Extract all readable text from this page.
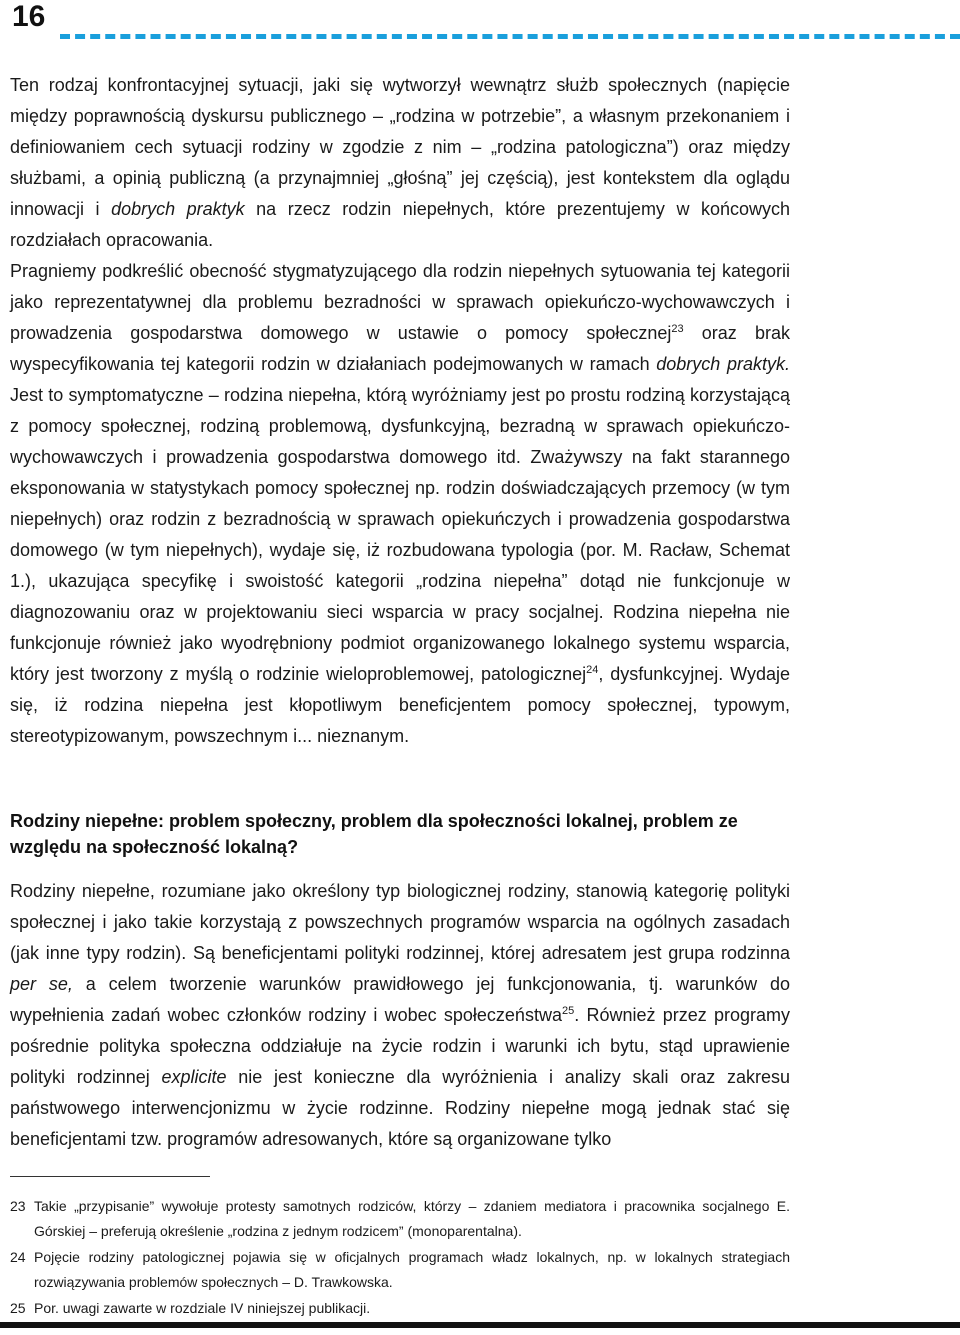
16

Ten rodzaj konfrontacyjnej sytuacji, jaki się wytworzył wewnątrz służb społecznych (napięcie między poprawnością dyskursu publicznego – „rodzina w potrzebie”, a własnym przekonaniem i definiowaniem cech sytuacji rodziny w zgodzie z nim – „rodzina patologiczna”) oraz między służbami, a opinią publiczną (a przynajmniej „głośną” jej częścią), jest kontekstem dla oglądu innowacji i dobrych praktyk na rzecz rodzin niepełnych, które prezentujemy w końcowych rozdziałach opracowania.

Pragniemy podkreślić obecność stygmatyzującego dla rodzin niepełnych sytuowania tej kategorii jako reprezentatywnej dla problemu bezradności w sprawach opiekuńczo-wychowawczych i prowadzenia gospodarstwa domowego w ustawie o pomocy społecznej$^{23}$ oraz brak wyspecyfikowania tej kategorii rodzin w działaniach podejmowanych w ramach dobrych praktyk. Jest to symptomatyczne – rodzina niepełna, którą wyróżniamy jest po prostu rodziną korzystającą z pomocy społecznej, rodziną problemową, dysfunkcyjną, bezradną w sprawach opiekuńczo-wychowawczych i prowadzenia gospodarstwa domowego itd. Zważywszy na fakt starannego eksponowania w statystykach pomocy społecznej np. rodzin doświadczających przemocy (w tym niepełnych) oraz rodzin z bezradnością w sprawach opiekuńczych i prowadzenia gospodarstwa domowego (w tym niepełnych), wydaje się, iż rozbudowana typologia (por. M. Racław, Schemat 1.), ukazująca specyfikę i swoistość kategorii „rodzina niepełna” dotąd nie funkcjonuje w diagnozowaniu oraz w projektowaniu sieci wsparcia w pracy socjalnej. Rodzina niepełna nie funkcjonuje również jako wyodrębniony podmiot organizowanego lokalnego systemu wsparcia, który jest tworzony z myślą o rodzinie wieloproblemowej, patologicznej$^{24}$, dysfunkcyjnej. Wydaje się, iż rodzina niepełna jest kłopotliwym beneficjentem pomocy społecznej, typowym, stereotypizowanym, powszechnym i... nieznanym.

Rodziny niepełne: problem społeczny, problem dla społeczności lokalnej, problem ze względu na społeczność lokalną?

Rodziny niepełne, rozumiane jako określony typ biologicznej rodziny, stanowią kategorię polityki społecznej i jako takie korzystają z powszechnych programów wsparcia na ogólnych zasadach (jak inne typy rodzin). Są beneficjentami polityki rodzinnej, której adresatem jest grupa rodzinna per se, a celem tworzenie warunków prawidłowego jej funkcjonowania, tj. warunków do wypełnienia zadań wobec członków rodziny i wobec społeczeństwa$^{25}$. Również przez programy pośrednie polityka społeczna oddziałuje na życie rodzin i warunki ich bytu, stąd uprawienie polityki rodzinnej explicite nie jest konieczne dla wyróżnienia i analizy skali oraz zakresu państwowego interwencjonizmu w życie rodzinne. Rodziny niepełne mogą jednak stać się beneficjentami tzw. programów adresowanych, które są organizowane tylko

23 Takie „przypisanie” wywołuje protesty samotnych rodziców, którzy – zdaniem mediatora i pracownika socjalnego E. Górskiej – preferują określenie „rodzina z jednym rodzicem” (monoparentalna).
24 Pojęcie rodziny patologicznej pojawia się w oficjalnych programach władz lokalnych, np. w lokalnych strategiach rozwiązywania problemów społecznych – D. Trawkowska.
25 Por. uwagi zawarte w rozdziale IV niniejszej publikacji.
